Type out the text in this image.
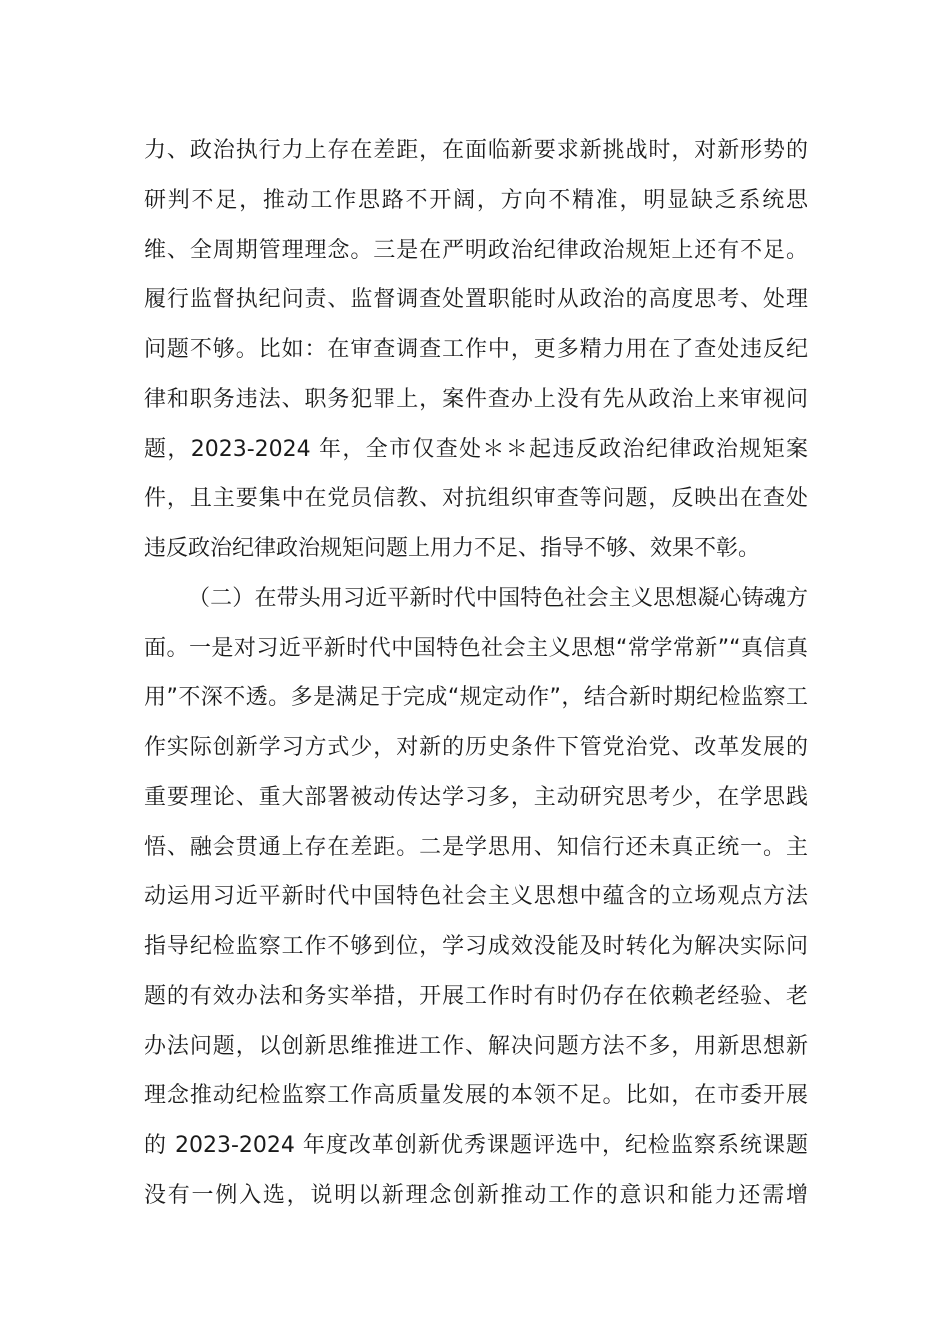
力、政治执行力上存在差距，在面临新要求新挑战时，对新形势的
研判不足，推动工作思路不开阔，方向不精准，明显缺乏系统思
维、全周期管理理念。三是在严明政治纪律政治规矩上还有不足。
履行监督执纪问责、监督调查处置职能时从政治的高度思考、处理
问题不够。比如：在审查调查工作中，更多精力用在了查处违反纪
律和职务违法、职务犯罪上，案件查办上没有先从政治上来审视问
题，2023-2024 年，全市仅查处＊＊起违反政治纪律政治规矩案
件，且主要集中在党员信教、对抗组织审查等问题，反映出在查处
违反政治纪律政治规矩问题上用力不足、指导不够、效果不彰。
（二）在带头用习近平新时代中国特色社会主义思想凝心铸魂方
面。一是对习近平新时代中国特色社会主义思想“常学常新”“真信真
用”不深不透。多是满足于完成“规定动作”，结合新时期纪检监察工
作实际创新学习方式少，对新的历史条件下管党治党、改革发展的
重要理论、重大部署被动传达学习多，主动研究思考少，在学思践
悟、融会贯通上存在差距。二是学思用、知信行还未真正统一。主
动运用习近平新时代中国特色社会主义思想中蕴含的立场观点方法
指导纪检监察工作不够到位，学习成效没能及时转化为解决实际问
题的有效办法和务实举措，开展工作时有时仍存在依赖老经验、老
办法问题，以创新思维推进工作、解决问题方法不多，用新思想新
理念推动纪检监察工作高质量发展的本领不足。比如，在市委开展
的 2023-2024 年度改革创新优秀课题评选中，纪检监察系统课题
没有一例入选，说明以新理念创新推动工作的意识和能力还需增
